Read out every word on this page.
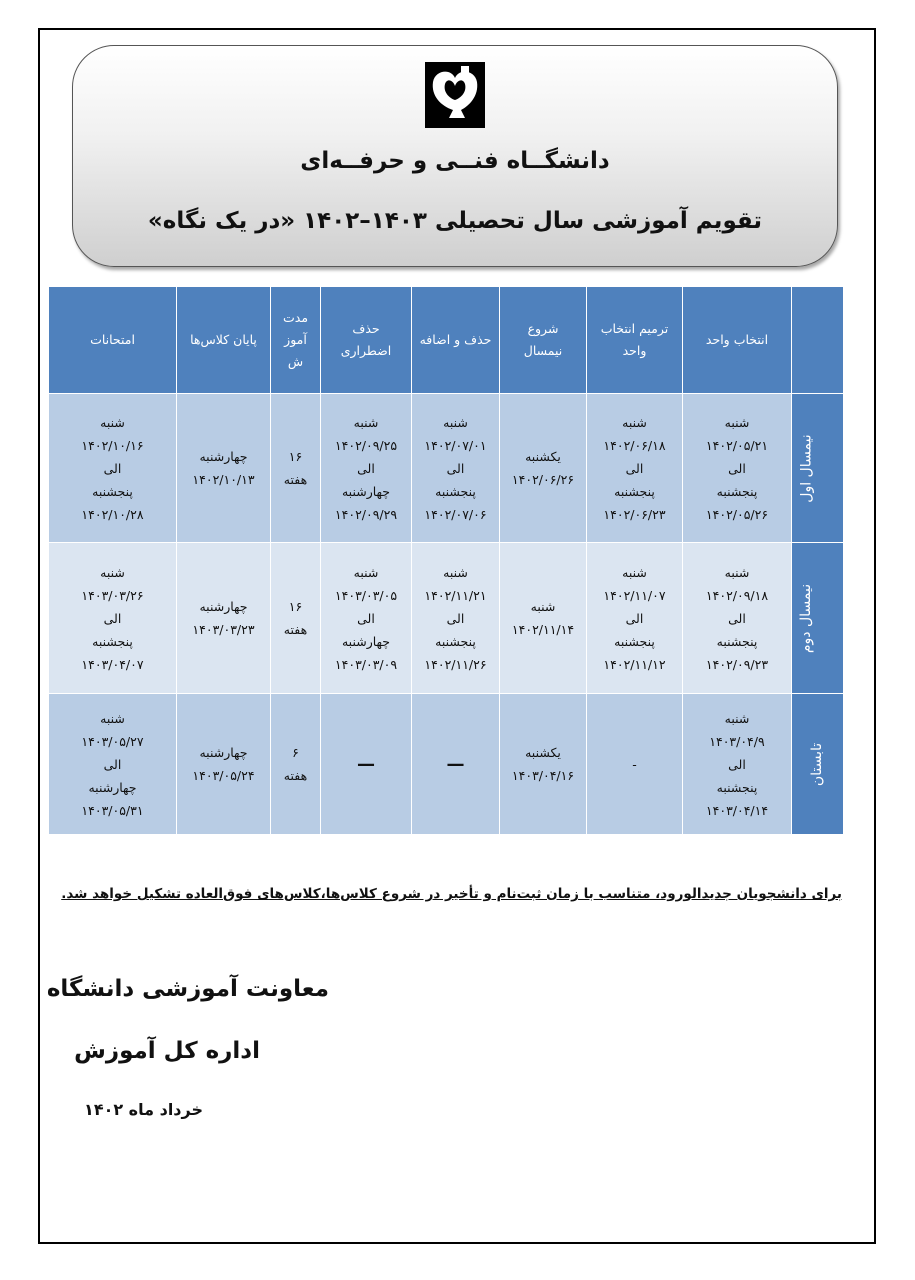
دانشگــاه فنــی و حرفــه‌ای
تقویم آموزشی سال تحصیلی ۱۴۰۳–۱۴۰۲ «در یک نگاه»

	انتخاب واحد	ترمیم انتخاب
واحد	شروع
نیمسال	حذف و اضافه	حذف
اضطراری	مدت
آموز
ش	پایان کلاس‌ها	امتحانات

نیمسال اول	شنبه
۱۴۰۲/۰۵/۲۱
الی
پنجشنبه
۱۴۰۲/۰۵/۲۶	شنبه
۱۴۰۲/۰۶/۱۸
الی
پنجشنبه
۱۴۰۲/۰۶/۲۳	یکشنبه
۱۴۰۲/۰۶/۲۶	شنبه
۱۴۰۲/۰۷/۰۱
الی
پنجشنبه
۱۴۰۲/۰۷/۰۶	شنبه
۱۴۰۲/۰۹/۲۵
الی
چهارشنبه
۱۴۰۲/۰۹/۲۹	۱۶
هفته	چهارشنبه
۱۴۰۲/۱۰/۱۳	شنبه
۱۴۰۲/۱۰/۱۶
الی
پنجشنبه
۱۴۰۲/۱۰/۲۸

نیمسال دوم	شنبه
۱۴۰۲/۰۹/۱۸
الی
پنجشنبه
۱۴۰۲/۰۹/۲۳	شنبه
۱۴۰۲/۱۱/۰۷
الی
پنجشنبه
۱۴۰۲/۱۱/۱۲	شنبه
۱۴۰۲/۱۱/۱۴	شنبه
۱۴۰۲/۱۱/۲۱
الی
پنجشنبه
۱۴۰۲/۱۱/۲۶	شنبه
۱۴۰۳/۰۳/۰۵
الی
چهارشنبه
۱۴۰۳/۰۳/۰۹	۱۶
هفته	چهارشنبه
۱۴۰۳/۰۳/۲۳	شنبه
۱۴۰۳/۰۳/۲۶
الی
پنجشنبه
۱۴۰۳/۰۴/۰۷

تابستان	شنبه
۱۴۰۳/۰۴/۹
الی
پنجشنبه
۱۴۰۳/۰۴/۱۴	-	یکشنبه
۱۴۰۳/۰۴/۱۶	—	—	۶
هفته	چهارشنبه
۱۴۰۳/۰۵/۲۴	شنبه
۱۴۰۳/۰۵/۲۷
الی
چهارشنبه
۱۴۰۳/۰۵/۳۱
برای دانشجویان جدیدالورود، متناسب با زمان ثبت‌نام و تأخیر در شروع کلاس‌ها،کلاس‌های فوق‌العاده تشکیل خواهد شد.
معاونت آموزشی دانشگاه
اداره کل آموزش
خرداد ماه ۱۴۰۲
